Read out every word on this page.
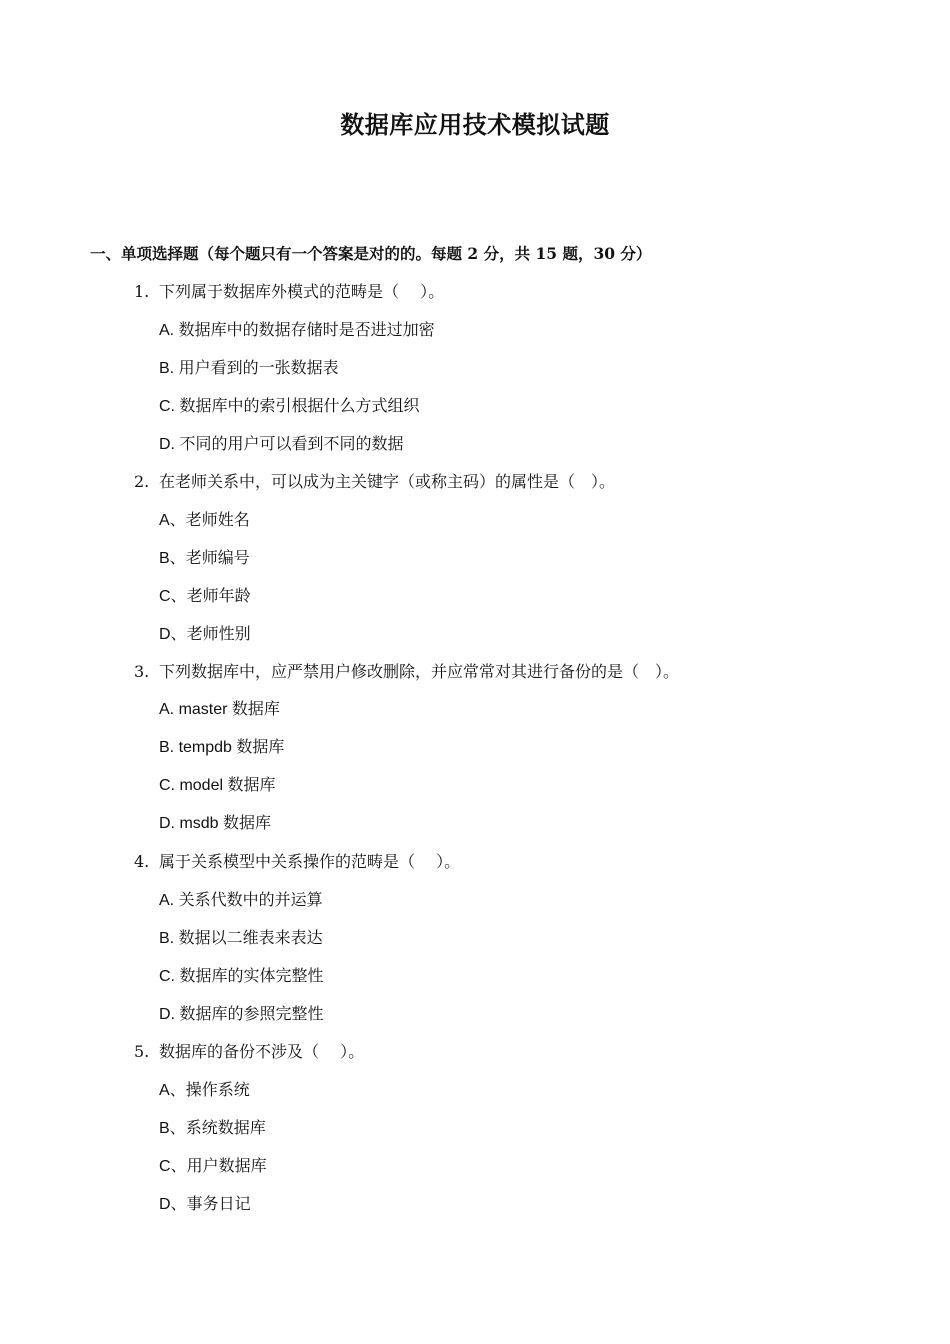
数据库应用技术模拟试题
一、单项选择题（每个题只有一个答案是对的的。每题 2 分，共 15 题，30 分）
1. 下列属于数据库外模式的范畴是（　 ）。
A. 数据库中的数据存储时是否进过加密
B. 用户看到的一张数据表
C. 数据库中的索引根据什么方式组织
D. 不同的用户可以看到不同的数据
2. 在老师关系中，可以成为主关键字（或称主码）的属性是（　）。
A、老师姓名
B、老师编号
C、老师年龄
D、老师性别
3. 下列数据库中，应严禁用户修改删除，并应常常对其进行备份的是（　）。
A. master 数据库
B. tempdb 数据库
C. model 数据库
D. msdb 数据库
4. 属于关系模型中关系操作的范畴是（　 ）。
A. 关系代数中的并运算
B. 数据以二维表来表达
C. 数据库的实体完整性
D. 数据库的参照完整性
5. 数据库的备份不涉及（　 ）。
A、操作系统
B、系统数据库
C、用户数据库
D、事务日记
